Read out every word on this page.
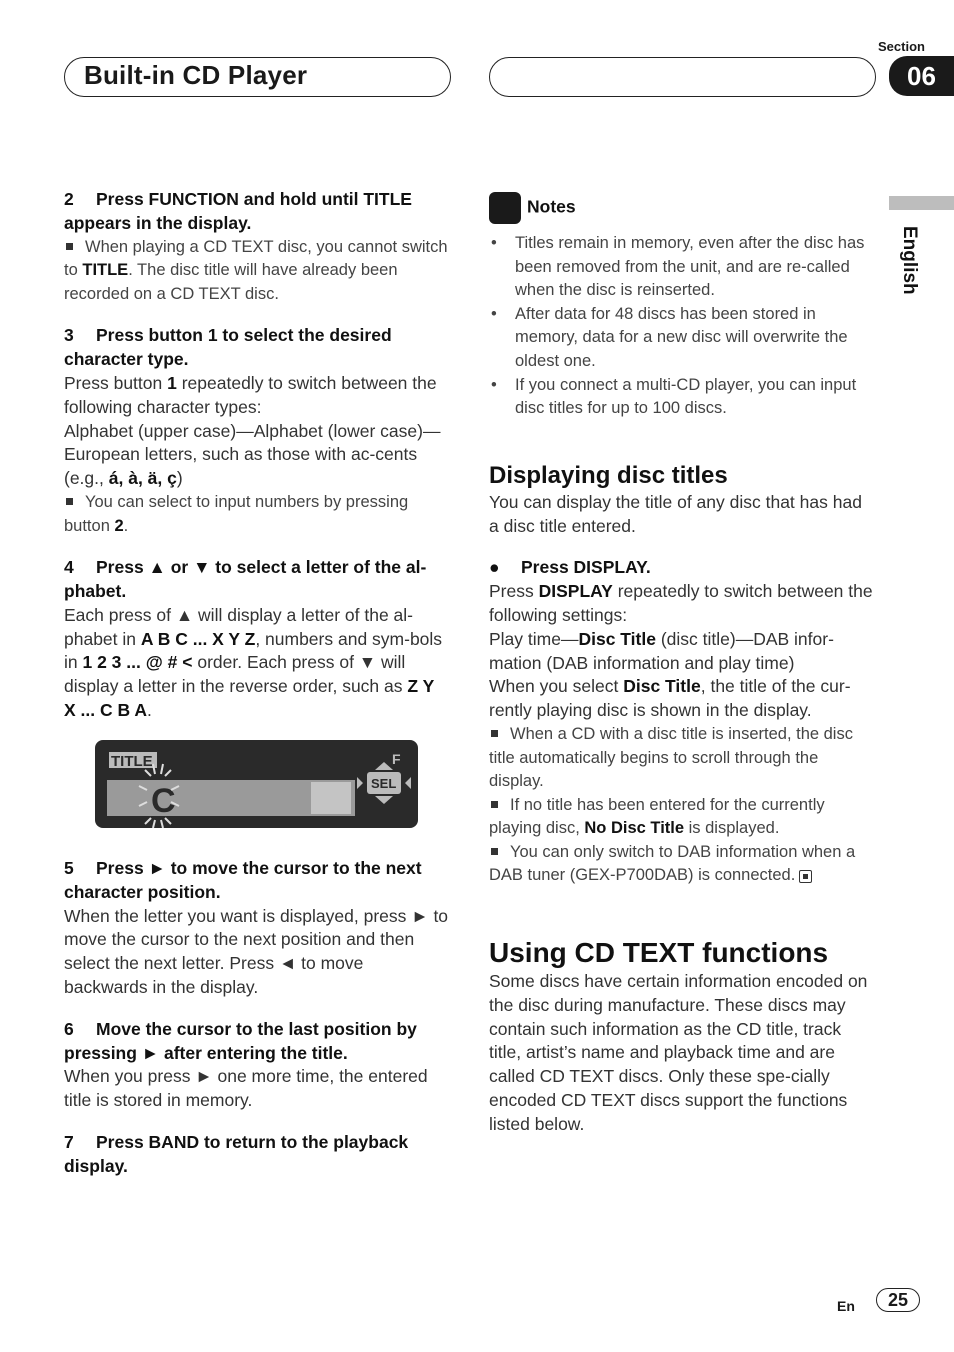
Built-in CD Player
Section
06
English

2 Press FUNCTION and hold until TITLE appears in the display.

When playing a CD TEXT disc, you cannot switch to TITLE. The disc title will have already been recorded on a CD TEXT disc.

3 Press button 1 to select the desired character type.

Press button 1 repeatedly to switch between the following character types:

Alphabet (upper case)—Alphabet (lower case)—European letters, such as those with ac-cents (e.g., á, à, ä, ç)

You can select to input numbers by pressing button 2.

4 Press ▲ or ▼ to select a letter of the al-phabet.

Each press of ▲ will display a letter of the al-phabet in A B C ... X Y Z, numbers and sym-bols in 1 2 3 ... @ # < order. Each press of ▼ will display a letter in the reverse order, such as Z Y X ... C B A.

TITLE
C
F
SEL

5 Press ► to move the cursor to the next character position.

When the letter you want is displayed, press ► to move the cursor to the next position and then select the next letter. Press ◄ to move backwards in the display.

6 Move the cursor to the last position by pressing ► after entering the title.

When you press ► one more time, the entered title is stored in memory.

7 Press BAND to return to the playback display.

Notes

• Titles remain in memory, even after the disc has been removed from the unit, and are re-called when the disc is reinserted.
• After data for 48 discs has been stored in memory, data for a new disc will overwrite the oldest one.
• If you connect a multi-CD player, you can input disc titles for up to 100 discs.

Displaying disc titles

You can display the title of any disc that has had a disc title entered.

● Press DISPLAY.

Press DISPLAY repeatedly to switch between the following settings:

Play time—Disc Title (disc title)—DAB infor-mation (DAB information and play time)

When you select Disc Title, the title of the cur-rently playing disc is shown in the display.

When a CD with a disc title is inserted, the disc title automatically begins to scroll through the display.

If no title has been entered for the currently playing disc, No Disc Title is displayed.

You can only switch to DAB information when a DAB tuner (GEX-P700DAB) is connected.

Using CD TEXT functions

Some discs have certain information encoded on the disc during manufacture. These discs may contain such information as the CD title, track title, artist’s name and playback time and are called CD TEXT discs. Only these spe-cially encoded CD TEXT discs support the functions listed below.

En	25
